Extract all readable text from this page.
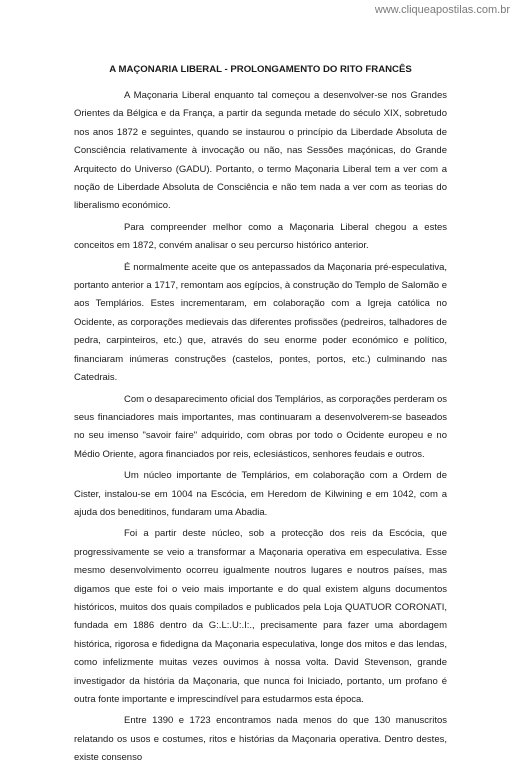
www.cliqueapostilas.com.br
A MAÇONARIA LIBERAL - PROLONGAMENTO DO RITO FRANCÊS

A Maçonaria Liberal enquanto tal começou a desenvolver-se nos Grandes Orientes da Bélgica e da França, a partir da segunda metade do século XIX, sobretudo nos anos 1872 e seguintes, quando se instaurou o princípio da Liberdade Absoluta de Consciência relativamente à invocação ou não, nas Sessões maçónicas, do Grande Arquitecto do Universo (GADU). Portanto, o termo Maçonaria Liberal tem a ver com a noção de Liberdade Absoluta de Consciência e não tem nada a ver com as teorias do liberalismo económico.

Para compreender melhor como a Maçonaria Liberal chegou a estes conceitos em 1872, convém analisar o seu percurso histórico anterior.

É normalmente aceite que os antepassados da Maçonaria pré-especulativa, portanto anterior a 1717, remontam aos egípcios, à construção do Templo de Salomão e aos Templários. Estes incrementaram, em colaboração com a Igreja católica no Ocidente, as corporações medievais das diferentes profissões (pedreiros, talhadores de pedra, carpinteiros, etc.) que, através do seu enorme poder económico e político, financiaram inúmeras construções (castelos, pontes, portos, etc.) culminando nas Catedrais.

Com o desaparecimento oficial dos Templários, as corporações perderam os seus financiadores mais importantes, mas continuaram a desenvolverem-se baseados no seu imenso "savoir faire" adquirido, com obras por todo o Ocidente europeu e no Médio Oriente, agora financiados por reis, eclesiásticos, senhores feudais e outros.

Um núcleo importante de Templários, em colaboração com a Ordem de Cister, instalou-se em 1004 na Escócia, em Heredom de Kilwining e em 1042, com a ajuda dos beneditinos, fundaram uma Abadia.

Foi a partir deste núcleo, sob a protecção dos reis da Escócia, que progressivamente se veio a transformar a Maçonaria operativa em especulativa. Esse mesmo desenvolvimento ocorreu igualmente noutros lugares e noutros países, mas digamos que este foi o veio mais importante e do qual existem alguns documentos históricos, muitos dos quais compilados e publicados pela Loja QUATUOR CORONATI, fundada em 1886 dentro da G:.L:.U:.I:., precisamente para fazer uma abordagem histórica, rigorosa e fidedigna da Maçonaria especulativa, longe dos mitos e das lendas, como infelizmente muitas vezes ouvimos à nossa volta. David Stevenson, grande investigador da história da Maçonaria, que nunca foi Iniciado, portanto, um profano é outra fonte importante e imprescindível para estudarmos esta época.

Entre 1390 e 1723 encontramos nada menos do que 130 manuscritos relatando os usos e costumes, ritos e histórias da Maçonaria operativa. Dentro destes, existe consenso
